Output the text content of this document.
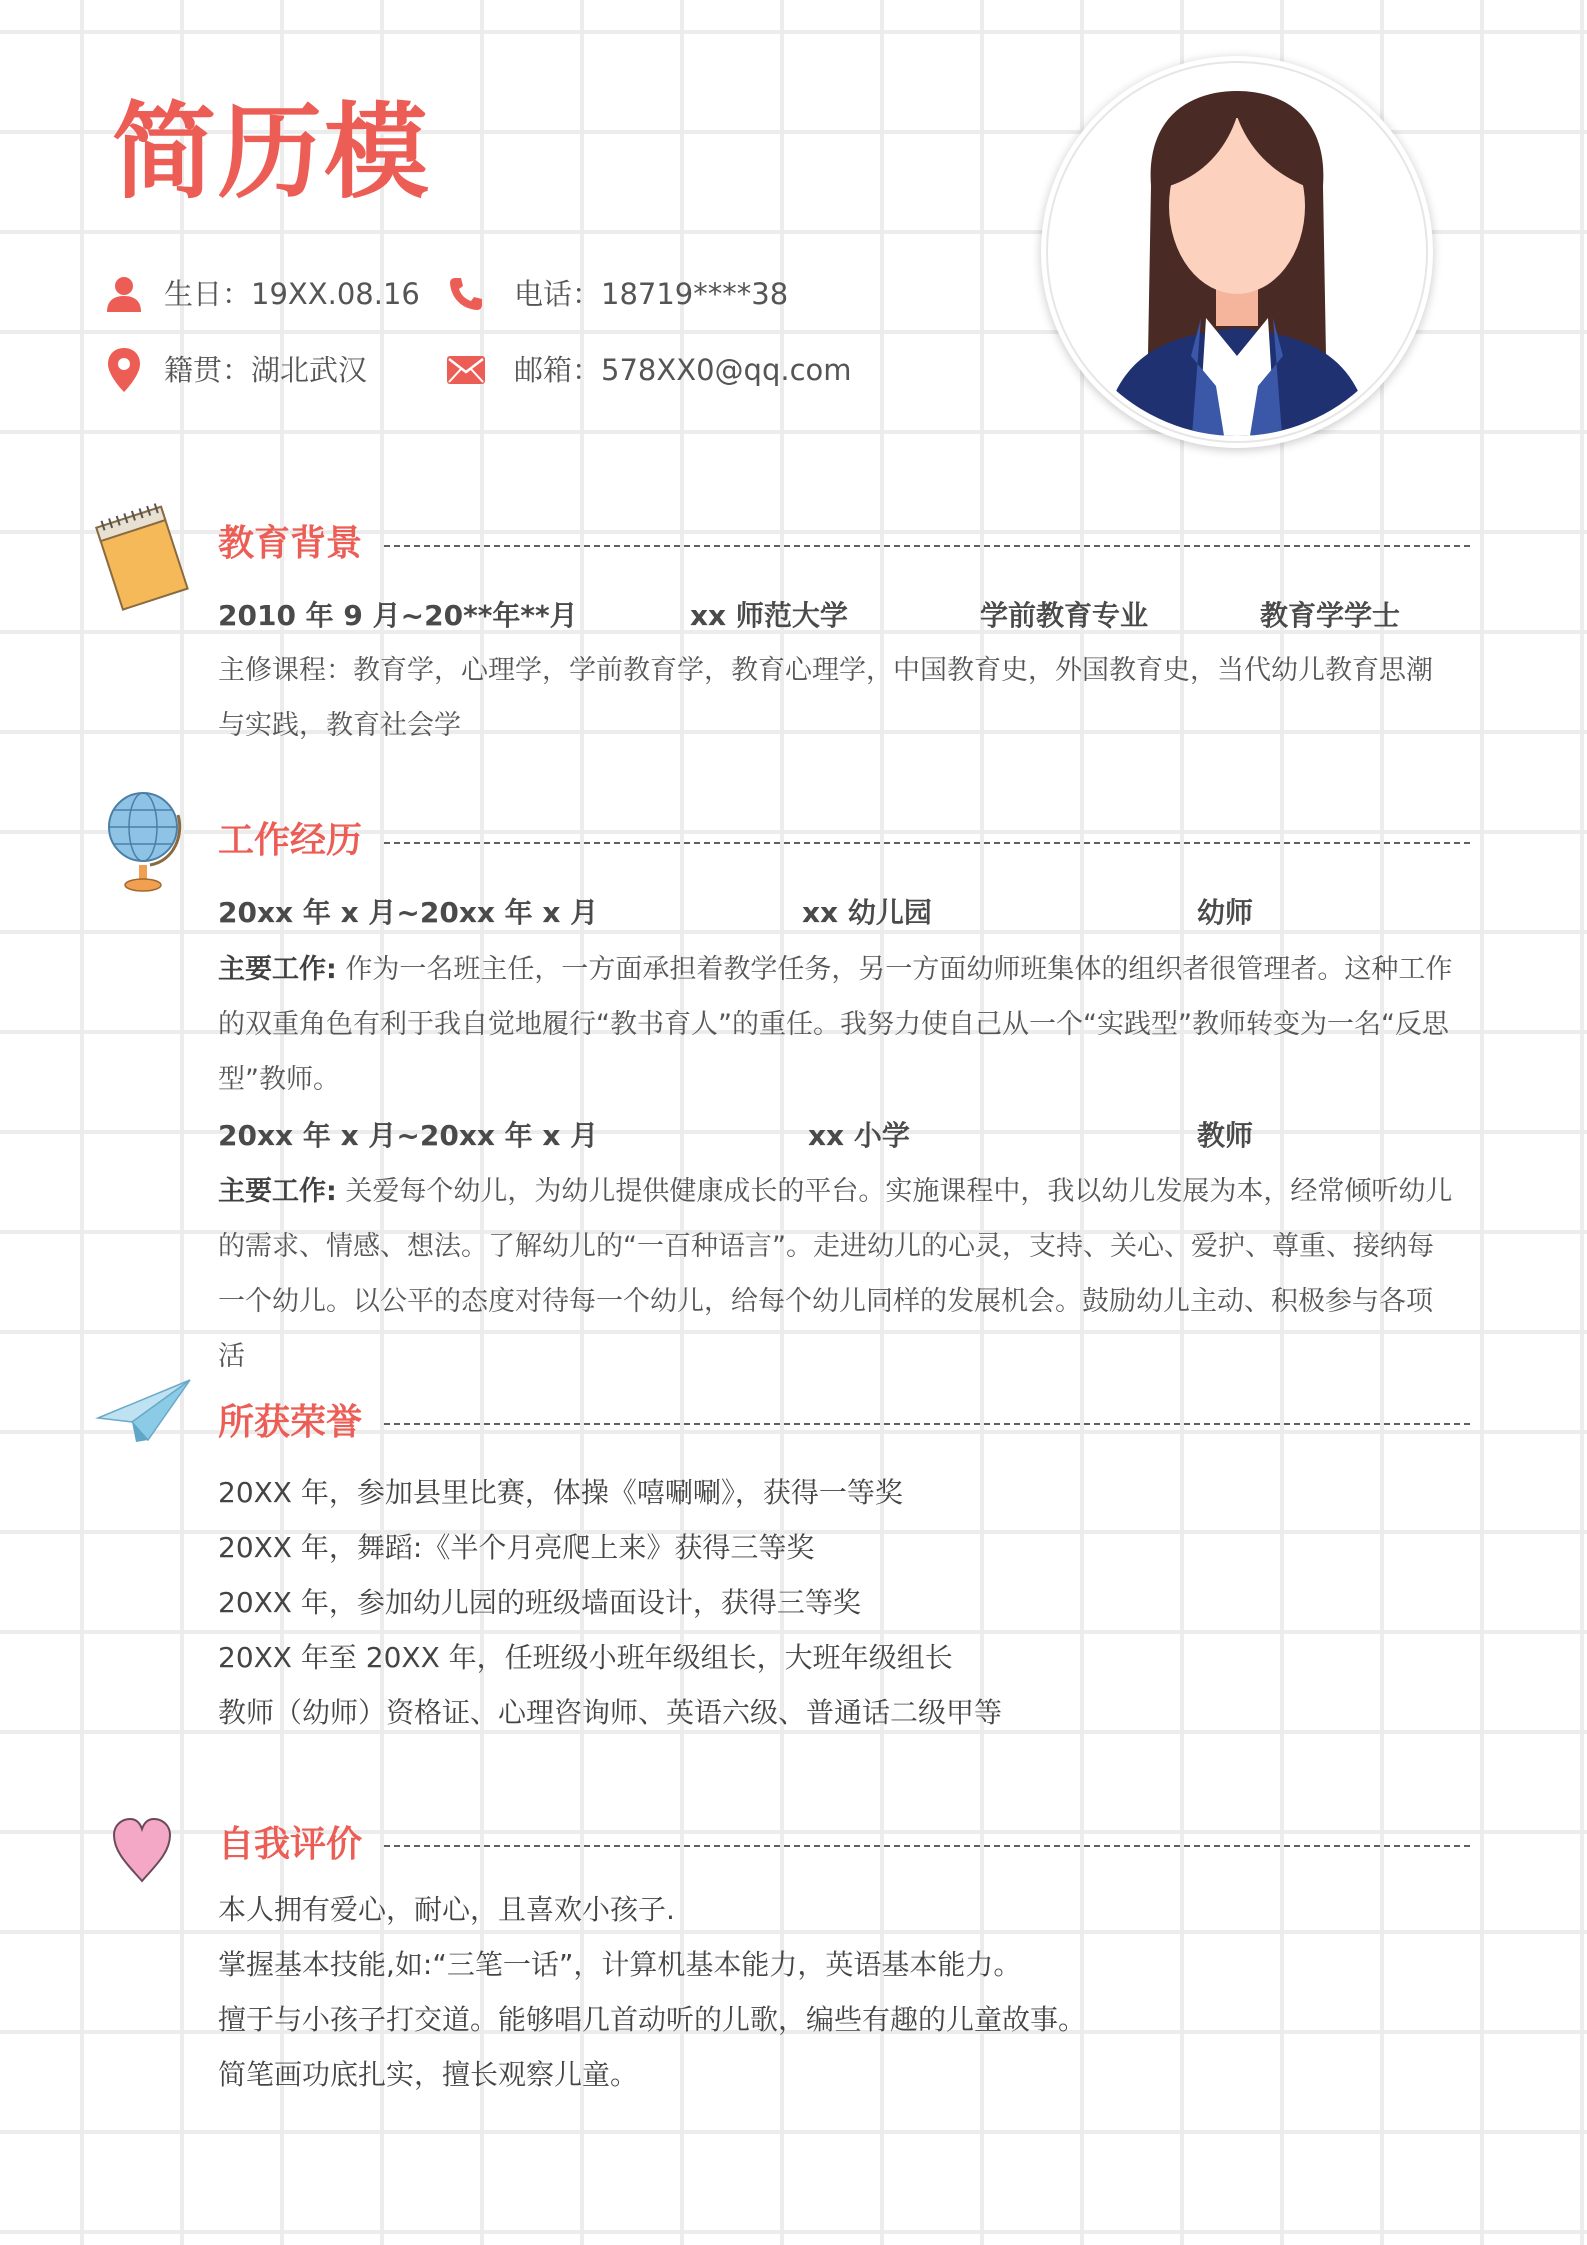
简历模
生日：19XX.08.16	电话：18719****38
籍贯：湖北武汉	邮箱：578XX0@qq.com
教育背景
2010 年 9 月~20**年**月	xx 师范大学	学前教育专业	教育学学士
主修课程：教育学，心理学，学前教育学，教育心理学，中国教育史，外国教育史，当代幼儿教育思潮与实践，教育社会学
工作经历
20xx 年 x 月~20xx 年 x 月	xx 幼儿园	幼师
主要工作: 作为一名班主任，一方面承担着教学任务，另一方面幼师班集体的组织者很管理者。这种工作的双重角色有利于我自觉地履行“教书育人”的重任。我努力使自己从一个“实践型”教师转变为一名“反思型”教师。
20xx 年 x 月~20xx 年 x 月	xx 小学	教师
主要工作: 关爱每个幼儿，为幼儿提供健康成长的平台。实施课程中，我以幼儿发展为本，经常倾听幼儿的需求、情感、想法。了解幼儿的“一百种语言”。走进幼儿的心灵，支持、关心、爱护、尊重、接纳每一个幼儿。以公平的态度对待每一个幼儿，给每个幼儿同样的发展机会。鼓励幼儿主动、积极参与各项活
所获荣誉
20XX 年，参加县里比赛，体操《嘻唰唰》，获得一等奖
20XX 年，舞蹈:《半个月亮爬上来》获得三等奖
20XX 年，参加幼儿园的班级墙面设计，获得三等奖
20XX 年至 20XX 年，任班级小班年级组长，大班年级组长
教师（幼师）资格证、心理咨询师、英语六级、普通话二级甲等
自我评价
本人拥有爱心，耐心，且喜欢小孩子.
掌握基本技能,如:“三笔一话”，计算机基本能力，英语基本能力。
擅于与小孩子打交道。能够唱几首动听的儿歌，编些有趣的儿童故事。
简笔画功底扎实，擅长观察儿童。
